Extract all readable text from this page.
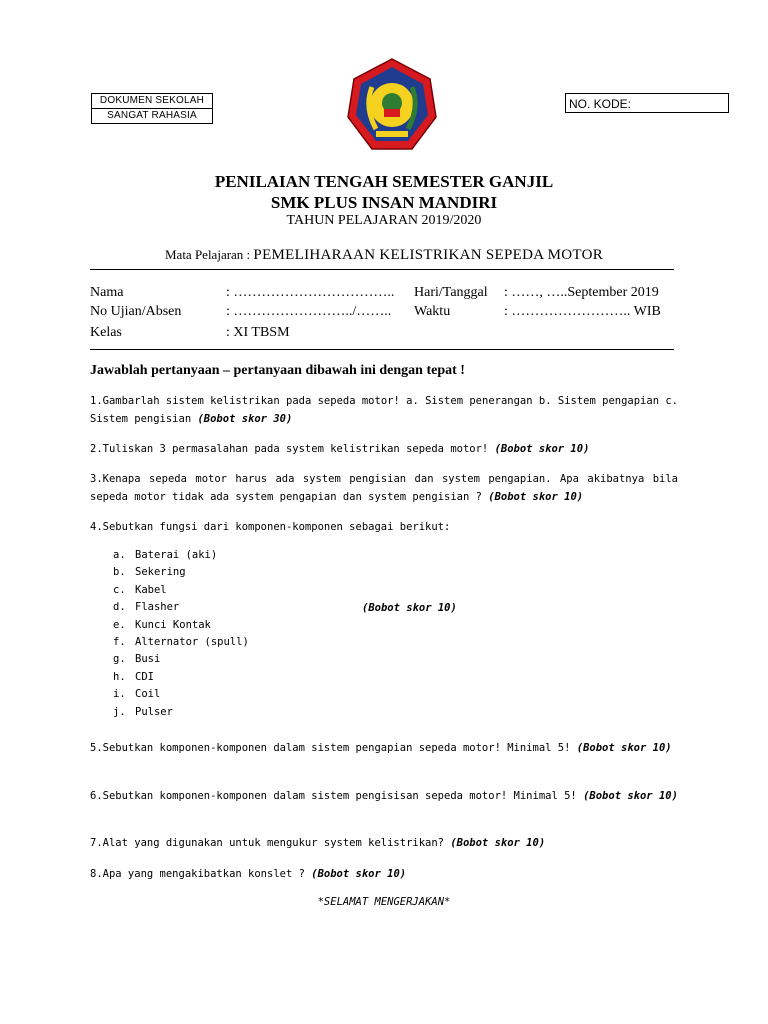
DOKUMEN SEKOLAH
SANGAT RAHASIA
NO. KODE:
PENILAIAN TENGAH SEMESTER GANJIL
SMK PLUS INSAN MANDIRI
TAHUN PELAJARAN 2019/2020
Mata Pelajaran : PEMELIHARAAN KELISTRIKAN SEPEDA MOTOR
Nama	: …………………………….. Hari/Tanggal : ……, …..September 2019
No Ujian/Absen	: ……………………../…….. Waktu	: …………………….. WIB
Kelas	: XI TBSM
Jawablah pertanyaan – pertanyaan dibawah ini dengan tepat !
1.Gambarlah sistem kelistrikan pada sepeda motor! a. Sistem penerangan b. Sistem pengapian c. Sistem pengisian (Bobot skor 30)
2.Tuliskan 3 permasalahan pada system kelistrikan sepeda motor! (Bobot skor 10)
3.Kenapa sepeda motor harus ada system pengisian dan system pengapian. Apa akibatnya bila sepeda motor tidak ada system pengapian dan system pengisian ? (Bobot skor 10)
4.Sebutkan fungsi dari komponen-komponen sebagai berikut:
a. Baterai (aki)
b. Sekering
c. Kabel
d. Flasher
e. Kunci Kontak
f. Alternator (spull)
g. Busi
h. CDI
i. Coil
j. Pulser
(Bobot skor 10)
5.Sebutkan komponen-komponen dalam sistem pengapian sepeda motor! Minimal 5! (Bobot skor 10)
6.Sebutkan komponen-komponen dalam sistem pengisisan sepeda motor! Minimal 5! (Bobot skor 10)
7.Alat yang digunakan untuk mengukur system kelistrikan? (Bobot skor 10)
8.Apa yang mengakibatkan konslet ? (Bobot skor 10)
*SELAMAT MENGERJAKAN*
